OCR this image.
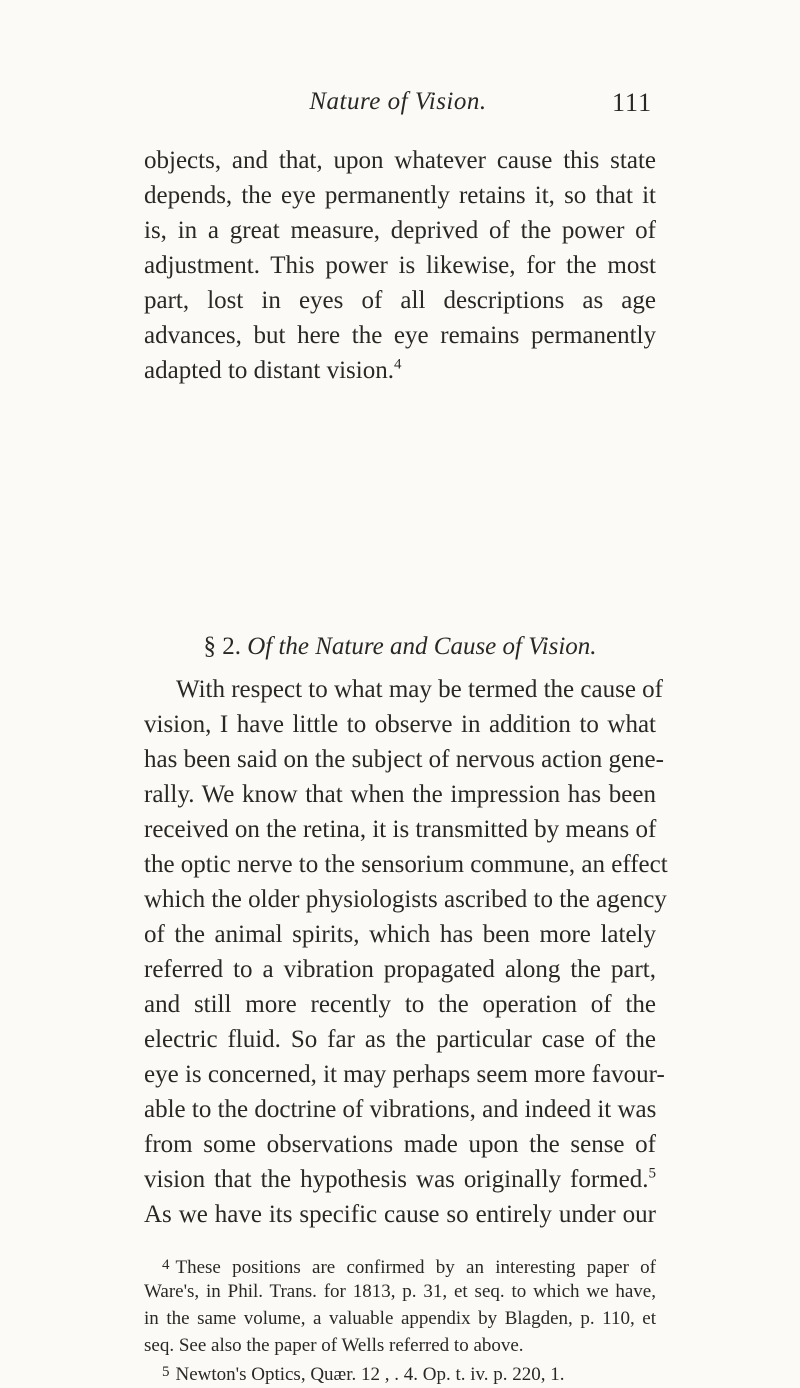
Nature of Vision.	111
objects, and that, upon whatever cause this state
depends, the eye permanently retains it, so that it
is, in a great measure, deprived of the power of
adjustment. This power is likewise, for the most
part, lost in eyes of all descriptions as age
advances, but here the eye remains permanently
adapted to distant vision.$^4$
§ 2. Of the Nature and Cause of Vision.
With respect to what may be termed the cause of
vision, I have little to observe in addition to what
has been said on the subject of nervous action gene-
rally. We know that when the impression has been
received on the retina, it is transmitted by means of
the optic nerve to the sensorium commune, an effect
which the older physiologists ascribed to the agency
of the animal spirits, which has been more lately
referred to a vibration propagated along the part,
and still more recently to the operation of the
electric fluid. So far as the particular case of the
eye is concerned, it may perhaps seem more favour-
able to the doctrine of vibrations, and indeed it was
from some observations made upon the sense of
vision that the hypothesis was originally formed.$^5$
As we have its specific cause so entirely under our
$^4$ These positions are confirmed by an interesting paper of
Ware's, in Phil. Trans. for 1813, p. 31, et seq. to which we have,
in the same volume, a valuable appendix by Blagden, p. 110, et
seq. See also the paper of Wells referred to above.
$^5$ Newton's Optics, Quær. 12 , . 4. Op. t. iv. p. 220, 1.
